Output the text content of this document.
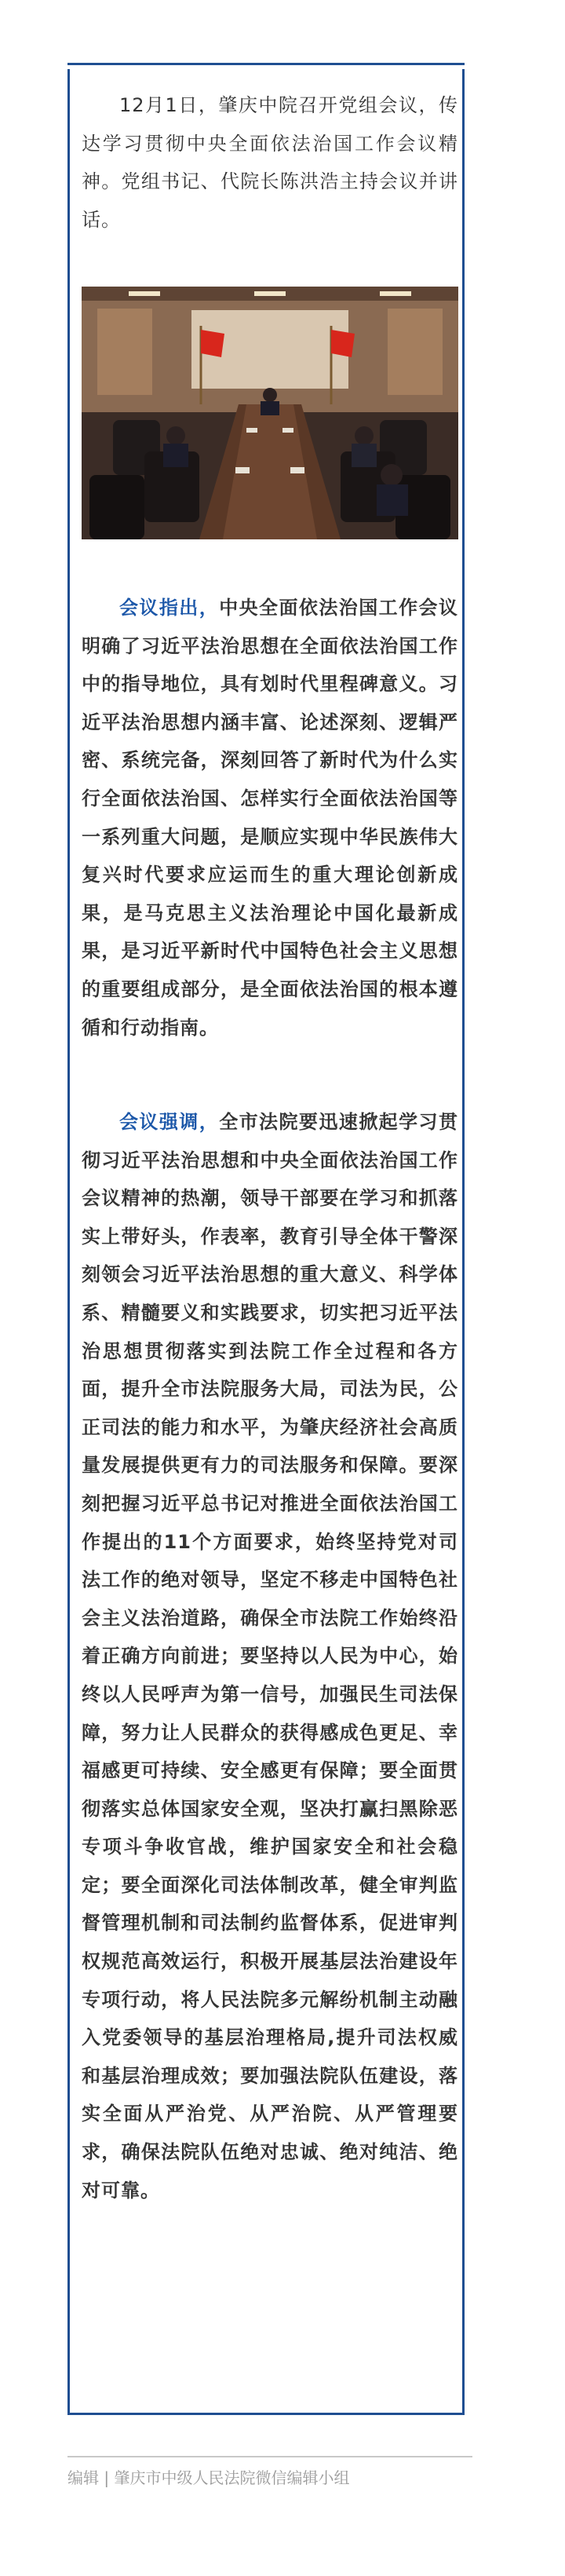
12月1日，肇庆中院召开党组会议，传达学习贯彻中央全面依法治国工作会议精神。党组书记、代院长陈洪浩主持会议并讲话。

会议指出，中央全面依法治国工作会议明确了习近平法治思想在全面依法治国工作中的指导地位，具有划时代里程碑意义。习近平法治思想内涵丰富、论述深刻、逻辑严密、系统完备，深刻回答了新时代为什么实行全面依法治国、怎样实行全面依法治国等一系列重大问题，是顺应实现中华民族伟大复兴时代要求应运而生的重大理论创新成果，是马克思主义法治理论中国化最新成果，是习近平新时代中国特色社会主义思想的重要组成部分，是全面依法治国的根本遵循和行动指南。

会议强调，全市法院要迅速掀起学习贯彻习近平法治思想和中央全面依法治国工作会议精神的热潮，领导干部要在学习和抓落实上带好头，作表率，教育引导全体干警深刻领会习近平法治思想的重大意义、科学体系、精髓要义和实践要求，切实把习近平法治思想贯彻落实到法院工作全过程和各方面，提升全市法院服务大局，司法为民，公正司法的能力和水平，为肇庆经济社会高质量发展提供更有力的司法服务和保障。要深刻把握习近平总书记对推进全面依法治国工作提出的11个方面要求，始终坚持党对司法工作的绝对领导，坚定不移走中国特色社会主义法治道路，确保全市法院工作始终沿着正确方向前进；要坚持以人民为中心，始终以人民呼声为第一信号，加强民生司法保障，努力让人民群众的获得感成色更足、幸福感更可持续、安全感更有保障；要全面贯彻落实总体国家安全观，坚决打赢扫黑除恶专项斗争收官战，维护国家安全和社会稳定；要全面深化司法体制改革，健全审判监督管理机制和司法制约监督体系，促进审判权规范高效运行，积极开展基层法治建设年专项行动，将人民法院多元解纷机制主动融入党委领导的基层治理格局,提升司法权威和基层治理成效；要加强法院队伍建设，落实全面从严治党、从严治院、从严管理要求，确保法院队伍绝对忠诚、绝对纯洁、绝对可靠。

编辑 | 肇庆市中级人民法院微信编辑小组
